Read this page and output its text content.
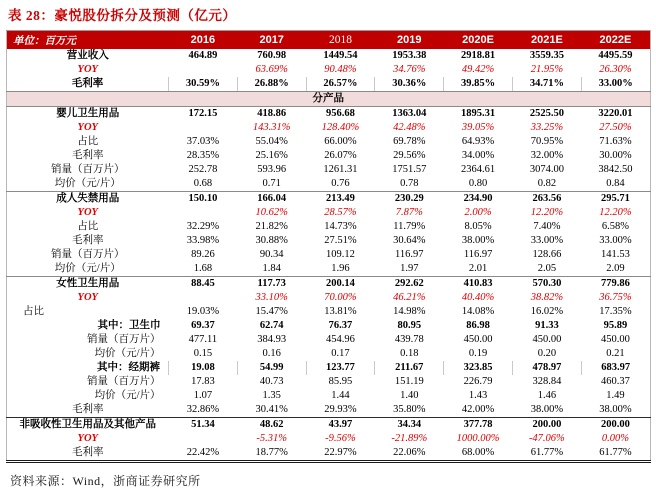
表 28：豪悦股份拆分及预测（亿元）
单位：百万元	2016	2017	2018	2019	2020E	2021E	2022E
营业收入	464.89	760.98	1449.54	1953.38	2918.81	3559.35	4495.59
YOY		63.69%	90.48%	34.76%	49.42%	21.95%	26.30%
毛利率	30.59%	26.88%	26.57%	30.36%	39.85%	34.71%	33.00%
分产品							
婴儿卫生用品	172.15	418.86	956.68	1363.04	1895.31	2525.50	3220.01
YOY		143.31%	128.40%	42.48%	39.05%	33.25%	27.50%
占比	37.03%	55.04%	66.00%	69.78%	64.93%	70.95%	71.63%
毛利率	28.35%	25.16%	26.07%	29.56%	34.00%	32.00%	30.00%
销量（百万片）	252.78	593.96	1261.31	1751.57	2364.61	3074.00	3842.50
均价（元/片）	0.68	0.71	0.76	0.78	0.80	0.82	0.84
成人失禁用品	150.10	166.04	213.49	230.29	234.90	263.56	295.71
YOY		10.62%	28.57%	7.87%	2.00%	12.20%	12.20%
占比	32.29%	21.82%	14.73%	11.79%	8.05%	7.40%	6.58%
毛利率	33.98%	30.88%	27.51%	30.64%	38.00%	33.00%	33.00%
销量（百万片）	89.26	90.34	109.12	116.97	116.97	128.66	141.53
均价（元/片）	1.68	1.84	1.96	1.97	2.01	2.05	2.09
女性卫生用品	88.45	117.73	200.14	292.62	410.83	570.30	779.86
YOY		33.10%	70.00%	46.21%	40.40%	38.82%	36.75%
占比	19.03%	15.47%	13.81%	14.98%	14.08%	16.02%	17.35%
其中：卫生巾	69.37	62.74	76.37	80.95	86.98	91.33	95.89
销量（百万片）	477.11	384.93	454.96	439.78	450.00	450.00	450.00
均价（元/片）	0.15	0.16	0.17	0.18	0.19	0.20	0.21
其中：经期裤	19.08	54.99	123.77	211.67	323.85	478.97	683.97
销量（百万片）	17.83	40.73	85.95	151.19	226.79	328.84	460.37
均价（元/片）	1.07	1.35	1.44	1.40	1.43	1.46	1.49
毛利率	32.86%	30.41%	29.93%	35.80%	42.00%	38.00%	38.00%
非吸收性卫生用品及其他产品	51.34	48.62	43.97	34.34	377.78	200.00	200.00
YOY		-5.31%	-9.56%	-21.89%	1000.00%	-47.06%	0.00%
毛利率	22.42%	18.77%	22.97%	22.06%	68.00%	61.77%	61.77%
资料来源：Wind，浙商证券研究所
